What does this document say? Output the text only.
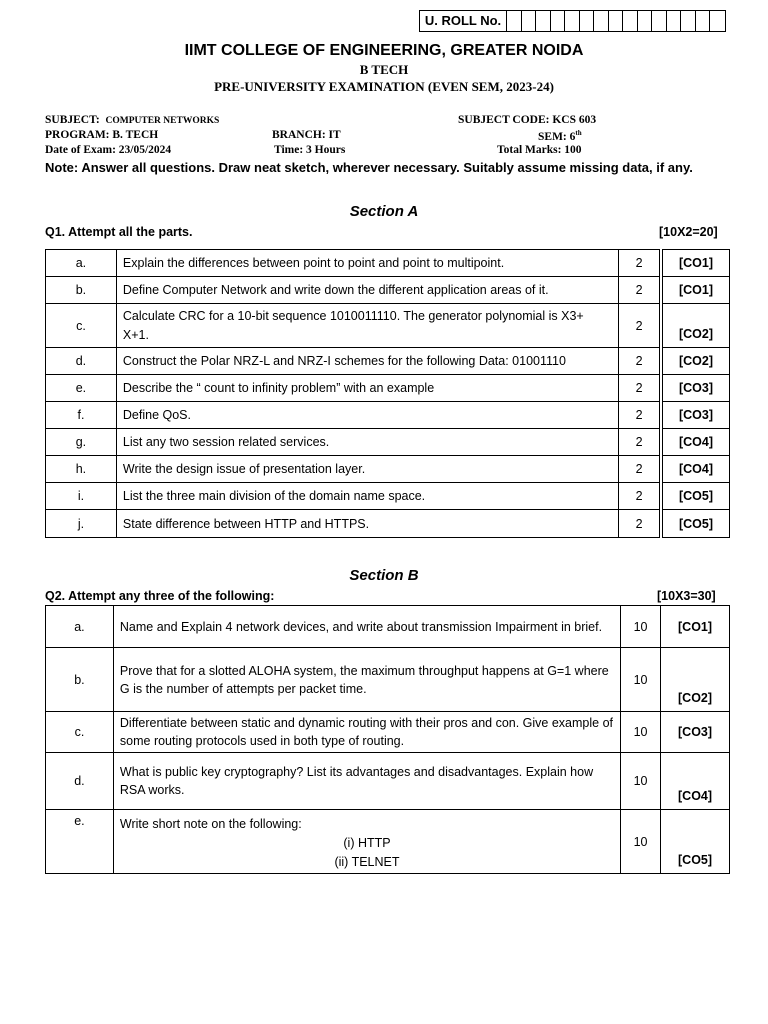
U. ROLL No.
IIMT COLLEGE OF ENGINEERING, GREATER NOIDA
B TECH
PRE-UNIVERSITY EXAMINATION (EVEN SEM, 2023-24)
SUBJECT: COMPUTER NETWORKS	SUBJECT CODE: KCS 603
PROGRAM: B. TECH	BRANCH: IT	SEM: 6th
Date of Exam: 23/05/2024	Time: 3 Hours	Total Marks: 100
Note: Answer all questions. Draw neat sketch, wherever necessary. Suitably assume missing data, if any.
Section A
Q1. Attempt all the parts.	[10X2=20]
a.	Explain the differences between point to point and point to multipoint.	2		[CO1]
b.	Define Computer Network and write down the different application areas of it.	2		[CO1]
c.	Calculate CRC for a 10-bit sequence 1010011110. The generator polynomial is X3+ X+1.	2		[CO2]
d.	Construct the Polar NRZ-L and NRZ-I schemes for the following Data: 01001110	2		[CO2]
e.	Describe the “ count to infinity problem” with an example	2		[CO3]
f.	Define QoS.	2		[CO3]
g.	List any two session related services.	2		[CO4]
h.	Write the design issue of presentation layer.	2		[CO4]
i.	List the three main division of the domain name space.	2		[CO5]
j.	State difference between HTTP and HTTPS.	2		[CO5]
Section B
Q2. Attempt any three of the following:	[10X3=30]
a.	Name and Explain 4 network devices, and write about transmission Impairment in brief.	10	[CO1]
b.	Prove that for a slotted ALOHA system, the maximum throughput happens at G=1 where G is the number of attempts per packet time.	10	[CO2]
c.	Differentiate between static and dynamic routing with their pros and con. Give example of some routing protocols used in both type of routing.	10	[CO3]
d.	What is public key cryptography? List its advantages and disadvantages. Explain how RSA works.	10	[CO4]
e.	Write short note on the following:
(i) HTTP
(ii) TELNET	10	[CO5]
